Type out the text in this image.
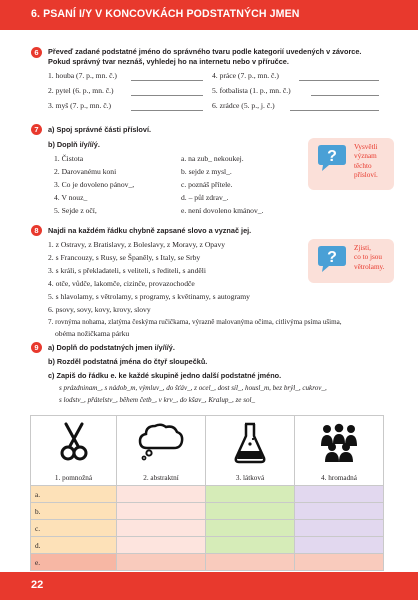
6. PSANÍ I/Y V KONCOVKÁCH PODSTATNÝCH JMEN
6	Převeď zadané podstatné jméno do správného tvaru podle kategorií uvedených v závorce.
Pokud správný tvar neznáš, vyhledej ho na internetu nebo v příručce.
1. houba (7. p., mn. č.)	4. práce (7. p., mn. č.)
2. pytel (6. p., mn. č.)	5. fotbalista (1. p., mn. č.)
3. myš (7. p., mn. č.)	6. zrádce (5. p., j. č.)
7	a) Spoj správné části přísloví.
b) Doplň i/y/í/ý.
1. Čistota
2. Darovanému koni
3. Co je dovoleno pánov_,
4. V nouz_
5. Sejde z očí,
a. na zub_ nekoukej.
b. sejde z mysl_.
c. poznáš přítele.
d. – půl zdrav_.
e. není dovoleno kmánov_.
?
Vysvětli
význam
těchto
přísloví.
8	Najdi na každém řádku chybně zapsané slovo a vyznač jej.
1. z Ostravy, z Bratislavy, z Boleslavy, z Moravy, z Opavy
2. s Francouzy, s Rusy, se Španěly, s Italy, se Srby
3. s králi, s překladateli, s veliteli, s řediteli, s anděli
4. otče, vůdče, lakomče, cizinče, provazochodče
5. s hlavolamy, s větrolamy, s programy, s květinamy, s autogramy
6. psovy, sovy, kovy, krovy, slovy
7. rovnýma nohama, zlatýma českýma ručičkama, výrazně malovanýma očima, citlivýma psíma ušima,
obéma nožičkama párku
?
Zjisti,
co to jsou
větrolamy.
9	a) Doplň do podstatných jmen i/y/í/ý.
b) Rozděl podstatná jména do čtyř sloupečků.
c) Zapiš do řádku e. ke každé skupině jedno další podstatné jméno.
s prázdninam_, s nádob_m, výmluv_, do šťáv_, z ocel_, dost síl_, housl_m, bez brýl_, cukrov_,
s lodstv_, přátelstv_, během četb_, v krv_, do kšav_, Kralup_, ze sol_
1. pomnožná	2. abstraktní	3. látková	4. hromadná

a.			
b.			
c.			
d.			
e.			
22
